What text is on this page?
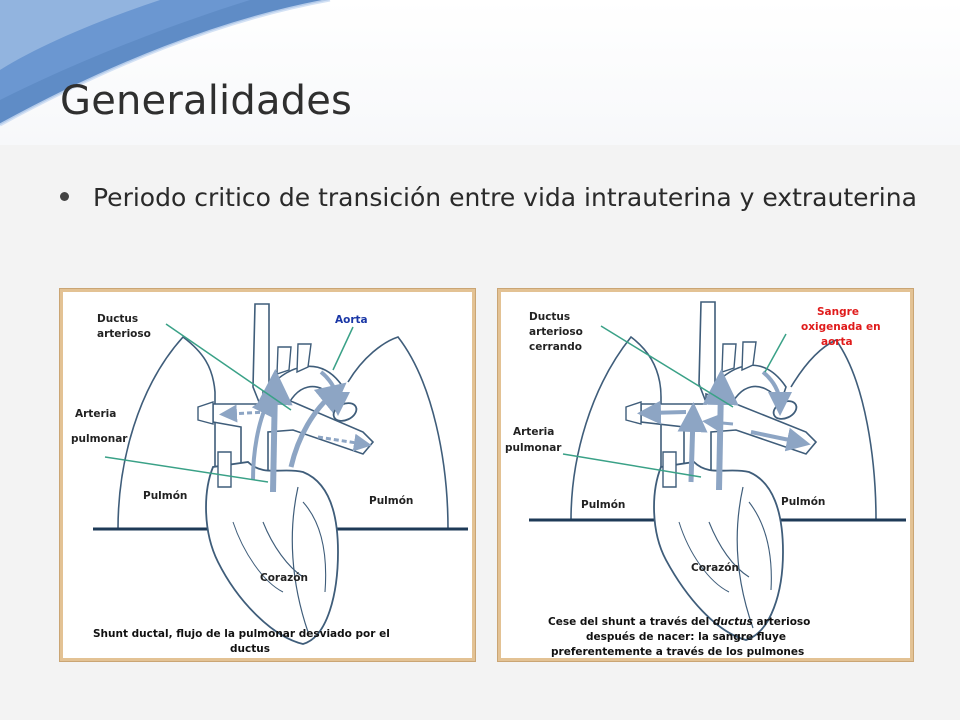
Generalidades
Periodo critico de transición entre vida intrauterina y extrauterina
Ductus
arterioso
Aorta
Arteria
pulmonar
Pulmón	Pulmón
Corazón
Shunt ductal, flujo de la pulmonar desviado por el
ductus
Ductus
arterioso
cerrando
Sangre
oxigenada en
aorta
Arteria
pulmonar
Pulmón	Pulmón
Corazón
Cese del shunt a través del ductus arterioso
después de nacer: la sangre fluye
preferentemente a través de los pulmones
